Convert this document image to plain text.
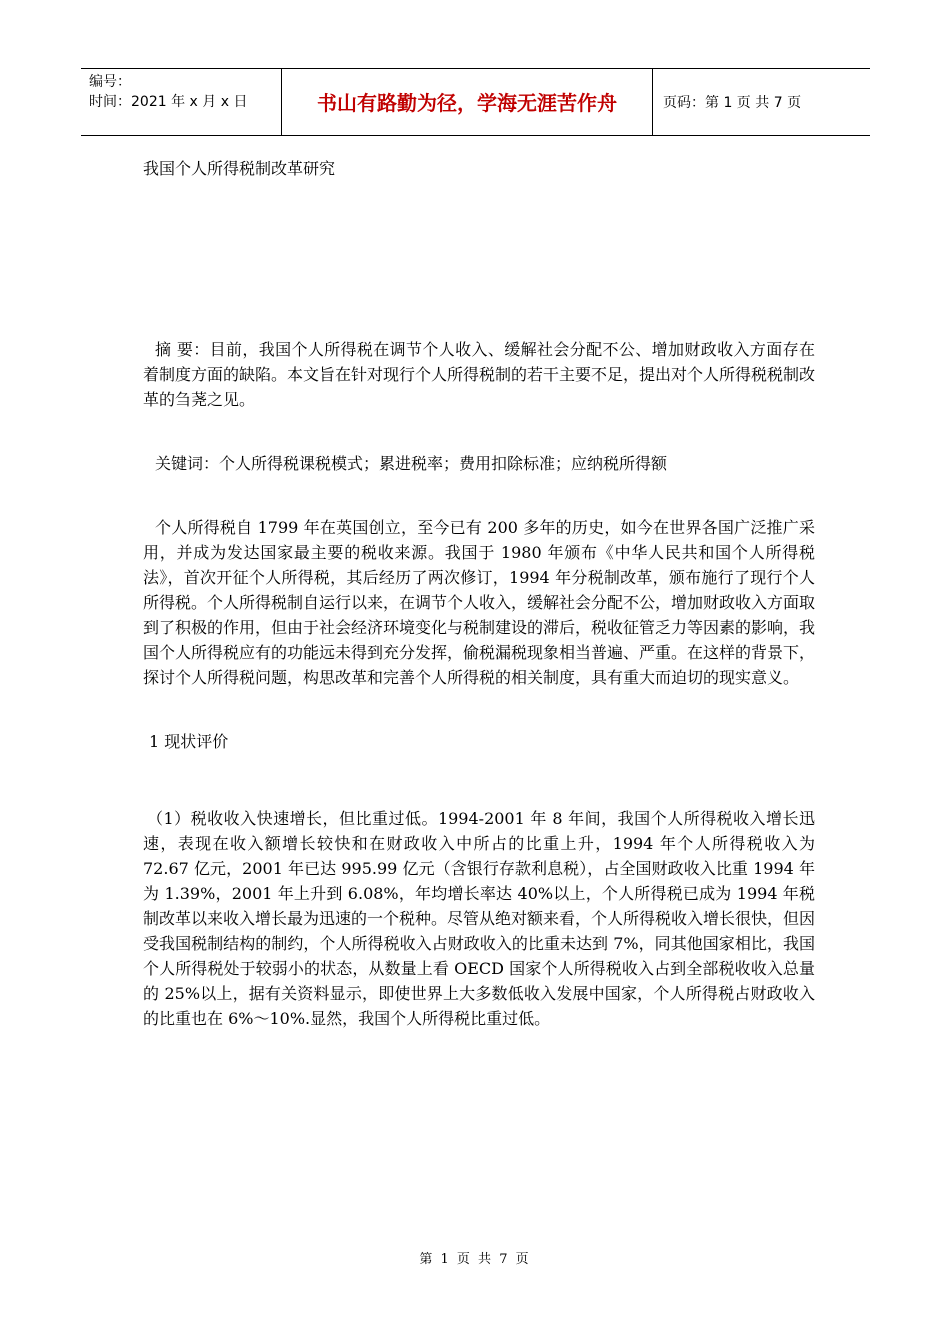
编号：
时间：2021 年 x 月 x 日	书山有路勤为径，学海无涯苦作舟	页码：第 1 页 共 7 页

我国个人所得税制改革研究

摘 要：目前，我国个人所得税在调节个人收入、缓解社会分配不公、增加财政收入方面存在着制度方面的缺陷。本文旨在针对现行个人所得税制的若干主要不足，提出对个人所得税税制改革的刍荛之见。

关键词：个人所得税课税模式；累进税率；费用扣除标准；应纳税所得额

个人所得税自 1799 年在英国创立，至今已有 200 多年的历史，如今在世界各国广泛推广采用，并成为发达国家最主要的税收来源。我国于 1980 年颁布《中华人民共和国个人所得税法》，首次开征个人所得税，其后经历了两次修订，1994 年分税制改革，颁布施行了现行个人所得税。个人所得税制自运行以来，在调节个人收入，缓解社会分配不公，增加财政收入方面取到了积极的作用，但由于社会经济环境变化与税制建设的滞后，税收征管乏力等因素的影响，我国个人所得税应有的功能远未得到充分发挥，偷税漏税现象相当普遍、严重。在这样的背景下，探讨个人所得税问题，构思改革和完善个人所得税的相关制度，具有重大而迫切的现实意义。

1 现状评价

（1）税收收入快速增长，但比重过低。1994-2001 年 8 年间，我国个人所得税收入增长迅速，表现在收入额增长较快和在财政收入中所占的比重上升，1994 年个人所得税收入为 72.67 亿元，2001 年已达 995.99 亿元（含银行存款利息税），占全国财政收入比重 1994 年为 1.39%，2001 年上升到 6.08%，年均增长率达 40%以上，个人所得税已成为 1994 年税制改革以来收入增长最为迅速的一个税种。尽管从绝对额来看，个人所得税收入增长很快，但因受我国税制结构的制约，个人所得税收入占财政收入的比重未达到 7%，同其他国家相比，我国个人所得税处于较弱小的状态，从数量上看 OECD 国家个人所得税收入占到全部税收收入总量的 25%以上，据有关资料显示，即使世界上大多数低收入发展中国家，个人所得税占财政收入的比重也在 6%～10%.显然，我国个人所得税比重过低。

第 1 页 共 7 页
